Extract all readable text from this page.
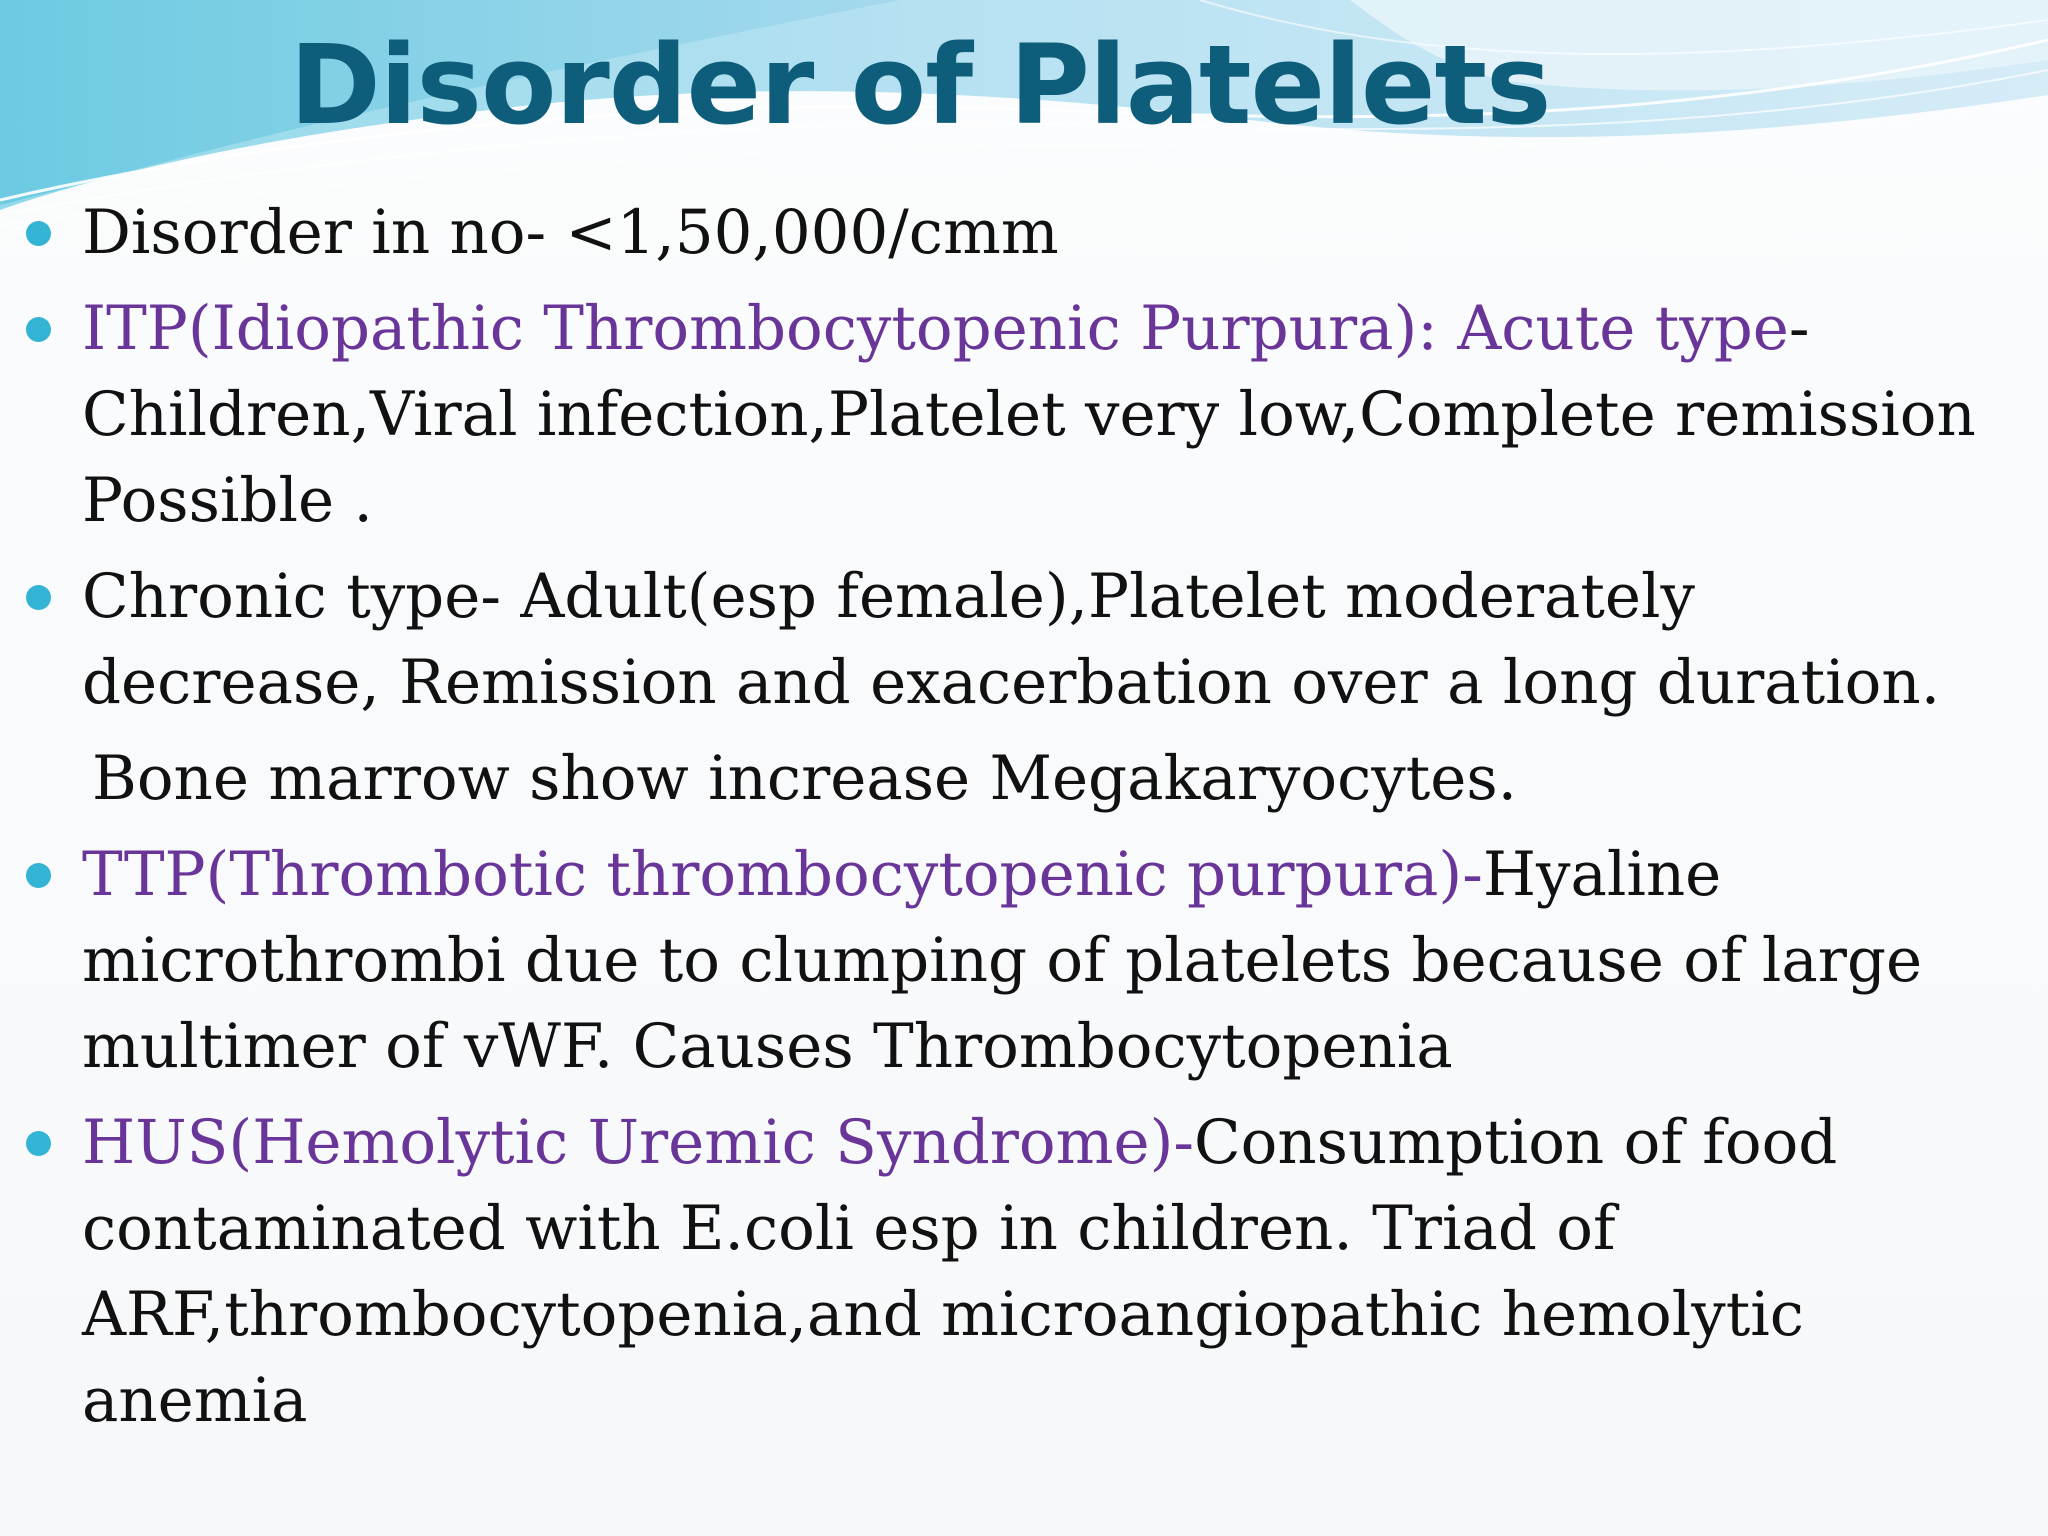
Disorder of Platelets
Disorder in no- <1,50,000/cmm
ITP(Idiopathic Thrombocytopenic Purpura): Acute type-Children,Viral infection,Platelet very low,Complete remission Possible .
Chronic type- Adult(esp female),Platelet moderately decrease, Remission and exacerbation over a long duration.
Bone marrow show increase Megakaryocytes.
TTP(Thrombotic thrombocytopenic purpura)-Hyaline microthrombi due to clumping of platelets because of large multimer of vWF. Causes Thrombocytopenia
HUS(Hemolytic Uremic Syndrome)-Consumption of food contaminated with E.coli esp in children. Triad of ARF,thrombocytopenia,and microangiopathic hemolytic anemia
